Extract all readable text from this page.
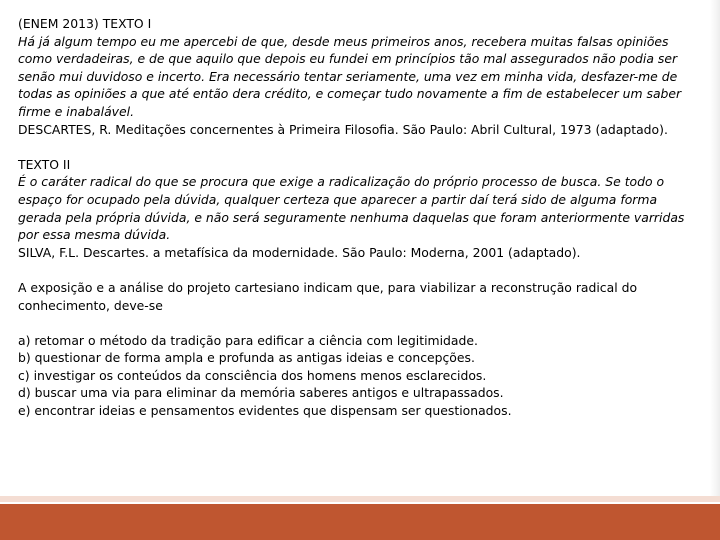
(ENEM 2013) TEXTO I
Há já algum tempo eu me apercebi de que, desde meus primeiros anos, recebera muitas falsas opiniões
como verdadeiras, e de que aquilo que depois eu fundei em princípios tão mal assegurados não podia ser
senão mui duvidoso e incerto. Era necessário tentar seriamente, uma vez em minha vida, desfazer-me de
todas as opiniões a que até então dera crédito, e começar tudo novamente a fim de estabelecer um saber
firme e inabalável.
DESCARTES, R. Meditações concernentes à Primeira Filosofia. São Paulo: Abril Cultural, 1973 (adaptado).
TEXTO II
É o caráter radical do que se procura que exige a radicalização do próprio processo de busca. Se todo o
espaço for ocupado pela dúvida, qualquer certeza que aparecer a partir daí terá sido de alguma forma
gerada pela própria dúvida, e não será seguramente nenhuma daquelas que foram anteriormente varridas
por essa mesma dúvida.
SILVA, F.L. Descartes. a metafísica da modernidade. São Paulo: Moderna, 2001 (adaptado).
A exposição e a análise do projeto cartesiano indicam que, para viabilizar a reconstrução radical do
conhecimento, deve-se
a) retomar o método da tradição para edificar a ciência com legitimidade.
b) questionar de forma ampla e profunda as antigas ideias e concepções.
c) investigar os conteúdos da consciência dos homens menos esclarecidos.
d) buscar uma via para eliminar da memória saberes antigos e ultrapassados.
e) encontrar ideias e pensamentos evidentes que dispensam ser questionados.
